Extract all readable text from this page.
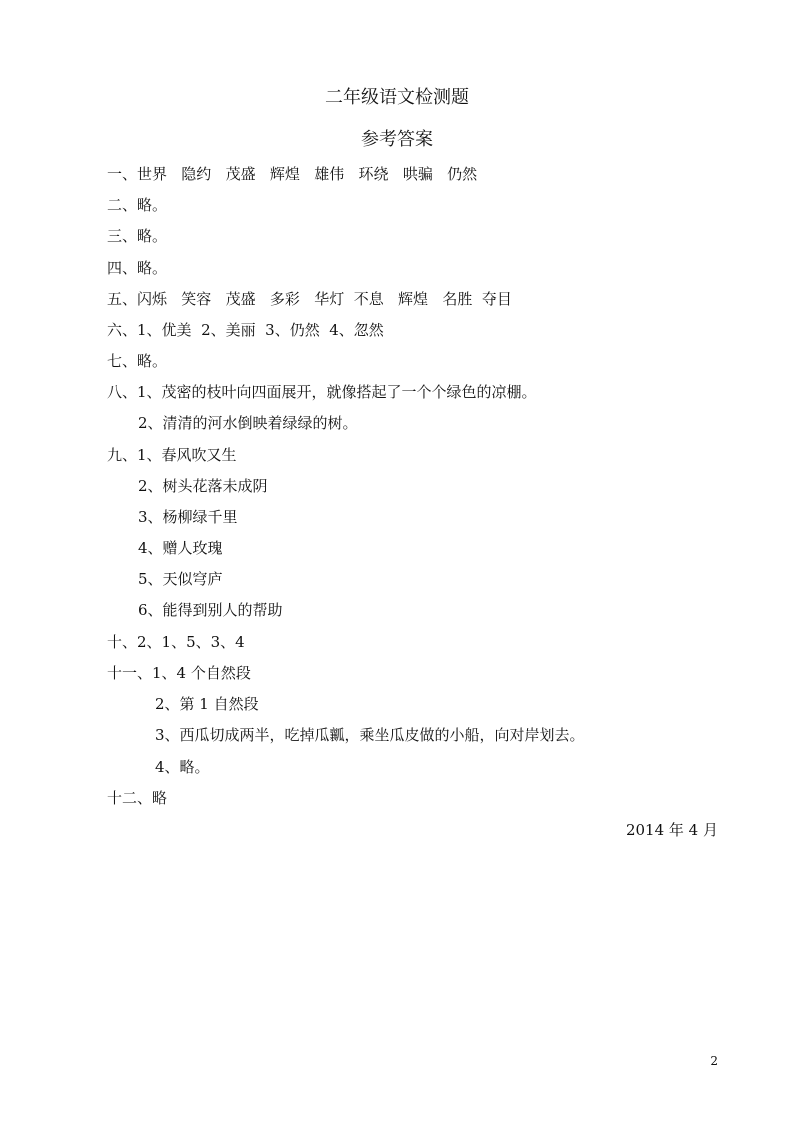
二年级语文检测题
参考答案
一、世界   隐约   茂盛   辉煌   雄伟   环绕   哄骗   仍然
二、略。
三、略。
四、略。
五、闪烁   笑容   茂盛   多彩   华灯  不息   辉煌   名胜  夺目
六、1、优美  2、美丽  3、仍然  4、忽然
七、略。
八、1、茂密的枝叶向四面展开，就像搭起了一个个绿色的凉棚。
2、清清的河水倒映着绿绿的树。
九、1、春风吹又生
2、树头花落未成阴
3、杨柳绿千里
4、赠人玫瑰
5、天似穹庐
6、能得到别人的帮助
十、2、1、5、3、4
十一、1、4 个自然段
2、第 1 自然段
3、西瓜切成两半，吃掉瓜瓤，乘坐瓜皮做的小船，向对岸划去。
4、略。
十二、略
2014 年 4 月
2
